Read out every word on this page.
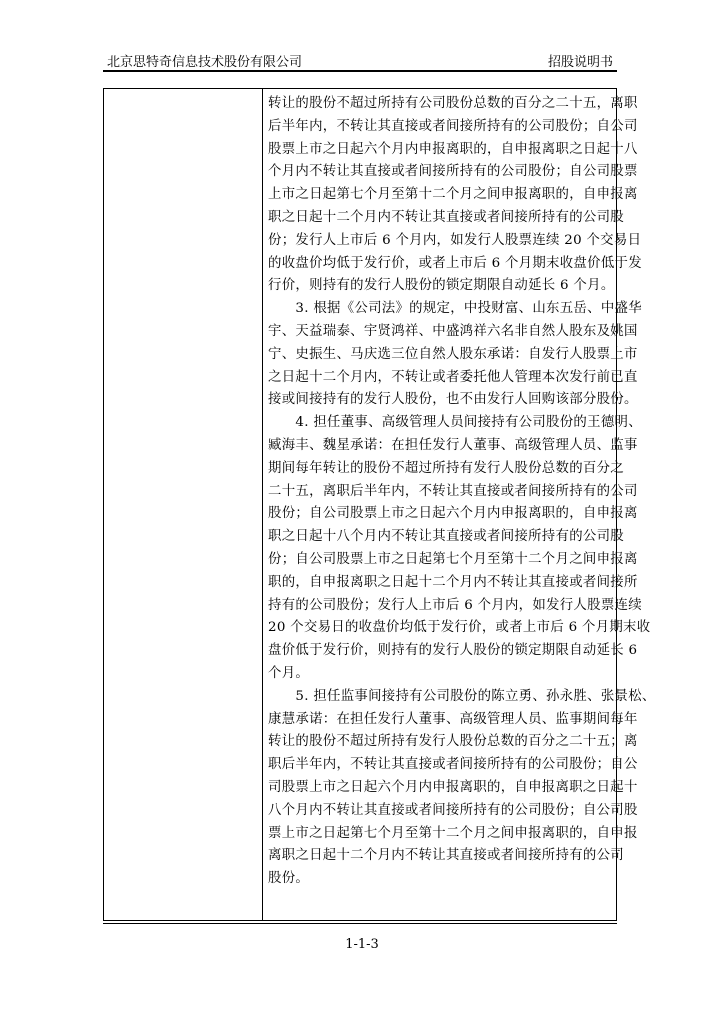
北京思特奇信息技术股份有限公司	招股说明书
转让的股份不超过所持有公司股份总数的百分之二十五，离职
后半年内，不转让其直接或者间接所持有的公司股份；自公司
股票上市之日起六个月内申报离职的，自申报离职之日起十八
个月内不转让其直接或者间接所持有的公司股份；自公司股票
上市之日起第七个月至第十二个月之间申报离职的，自申报离
职之日起十二个月内不转让其直接或者间接所持有的公司股
份；发行人上市后 6 个月内，如发行人股票连续 20 个交易日
的收盘价均低于发行价，或者上市后 6 个月期末收盘价低于发
行价，则持有的发行人股份的锁定期限自动延长 6 个月。
　　3. 根据《公司法》的规定，中投财富、山东五岳、中盛华
宇、天益瑞泰、宇贤鸿祥、中盛鸿祥六名非自然人股东及姚国
宁、史振生、马庆选三位自然人股东承诺：自发行人股票上市
之日起十二个月内，不转让或者委托他人管理本次发行前已直
接或间接持有的发行人股份，也不由发行人回购该部分股份。
　　4. 担任董事、高级管理人员间接持有公司股份的王德明、
臧海丰、魏星承诺：在担任发行人董事、高级管理人员、监事
期间每年转让的股份不超过所持有发行人股份总数的百分之
二十五，离职后半年内，不转让其直接或者间接所持有的公司
股份；自公司股票上市之日起六个月内申报离职的，自申报离
职之日起十八个月内不转让其直接或者间接所持有的公司股
份；自公司股票上市之日起第七个月至第十二个月之间申报离
职的，自申报离职之日起十二个月内不转让其直接或者间接所
持有的公司股份；发行人上市后 6 个月内，如发行人股票连续
20 个交易日的收盘价均低于发行价，或者上市后 6 个月期末收
盘价低于发行价，则持有的发行人股份的锁定期限自动延长 6
个月。
　　5. 担任监事间接持有公司股份的陈立勇、孙永胜、张景松、
康慧承诺：在担任发行人董事、高级管理人员、监事期间每年
转让的股份不超过所持有发行人股份总数的百分之二十五；离
职后半年内，不转让其直接或者间接所持有的公司股份；自公
司股票上市之日起六个月内申报离职的，自申报离职之日起十
八个月内不转让其直接或者间接所持有的公司股份；自公司股
票上市之日起第七个月至第十二个月之间申报离职的，自申报
离职之日起十二个月内不转让其直接或者间接所持有的公司
股份。
1-1-3
